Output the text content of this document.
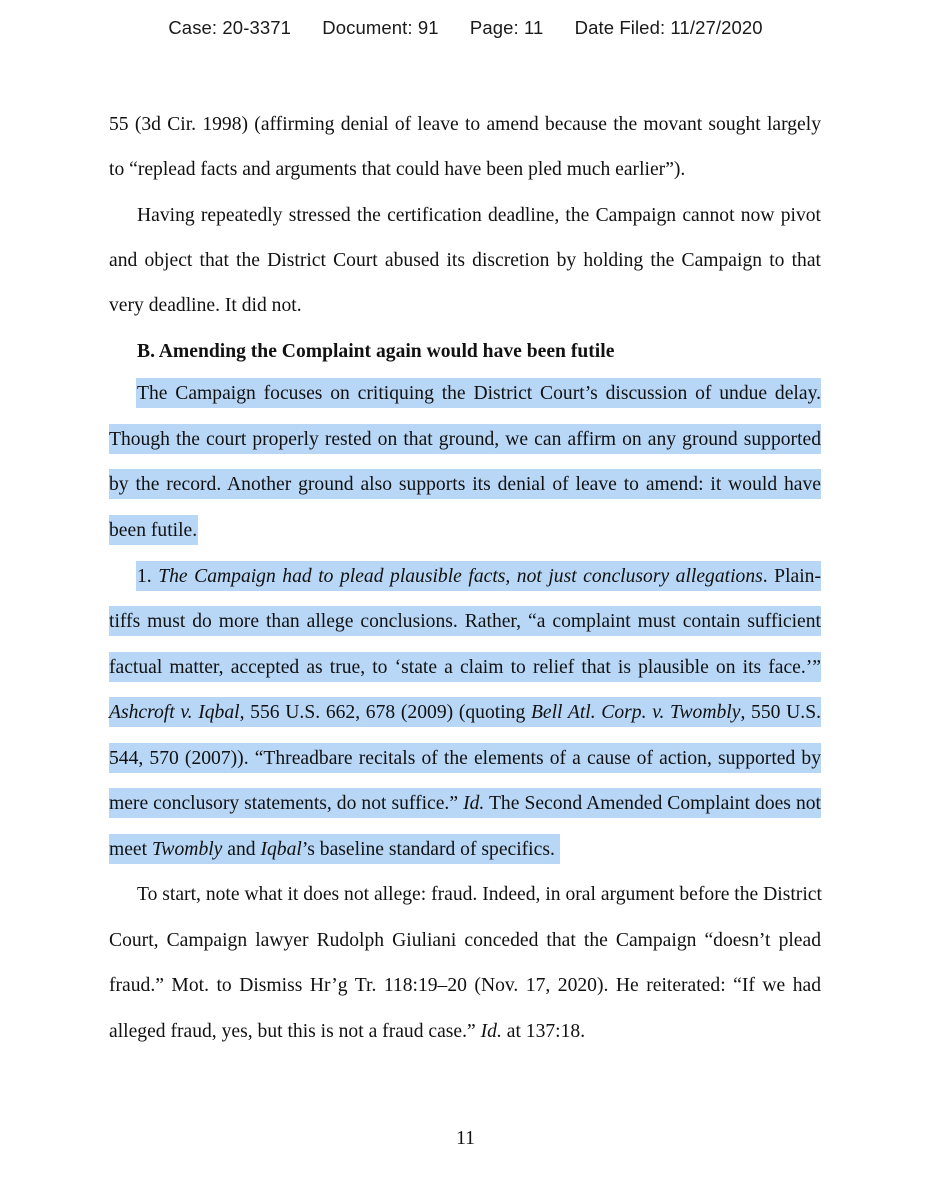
Case: 20-3371 Document: 91 Page: 11 Date Filed: 11/27/2020
55 (3d Cir. 1998) (affirming denial of leave to amend because the movant sought largely
to “replead facts and arguments that could have been pled much earlier”).
Having repeatedly stressed the certification deadline, the Campaign cannot now pivot
and object that the District Court abused its discretion by holding the Campaign to that
very deadline. It did not.
B. Amending the Complaint again would have been futile
The Campaign focuses on critiquing the District Court’s discussion of undue delay.
Though the court properly rested on that ground, we can affirm on any ground supported
by the record. Another ground also supports its denial of leave to amend: it would have
been futile.
1. The Campaign had to plead plausible facts, not just conclusory allegations. Plain-
tiffs must do more than allege conclusions. Rather, “a complaint must contain sufficient
factual matter, accepted as true, to ‘state a claim to relief that is plausible on its face.’”
Ashcroft v. Iqbal, 556 U.S. 662, 678 (2009) (quoting Bell Atl. Corp. v. Twombly, 550 U.S.
544, 570 (2007)). “Threadbare recitals of the elements of a cause of action, supported by
mere conclusory statements, do not suffice.” Id. The Second Amended Complaint does not
meet Twombly and Iqbal’s baseline standard of specifics.
To start, note what it does not allege: fraud. Indeed, in oral argument before the District
Court, Campaign lawyer Rudolph Giuliani conceded that the Campaign “doesn’t plead
fraud.” Mot. to Dismiss Hr’g Tr. 118:19–20 (Nov. 17, 2020). He reiterated: “If we had
alleged fraud, yes, but this is not a fraud case.” Id. at 137:18.
11
